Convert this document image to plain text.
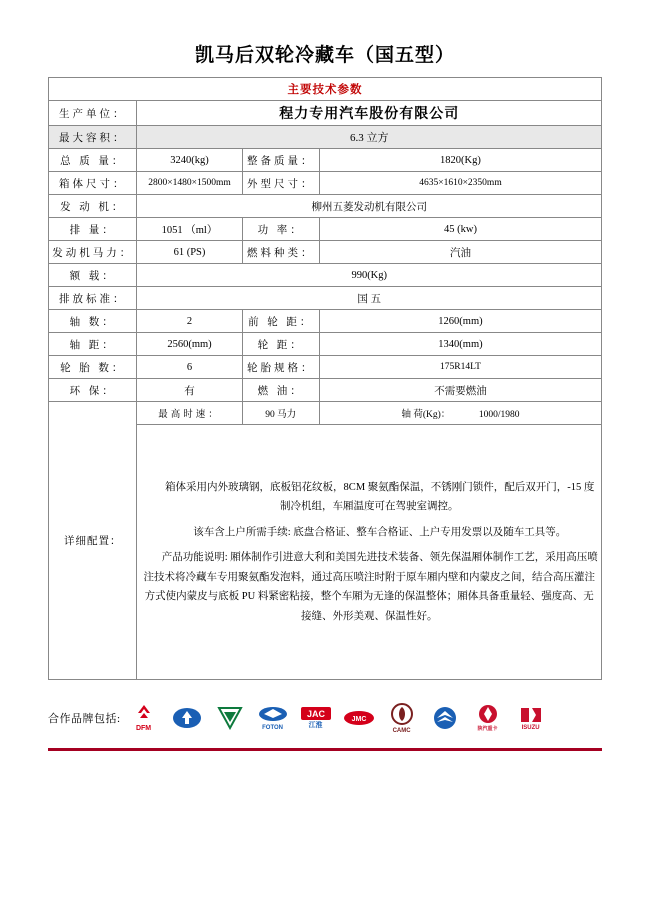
凯马后双轮冷藏车（国五型）
主要技术参数			
生产单位：	程力专用汽车股份有限公司		
最大容积：	6.3 立方		
总 质 量：	3240(kg)	整备质量：	1820(Kg)
箱体尺寸：	2800×1480×1500mm	外型尺寸：	4635×1610×2350mm
发 动 机：	柳州五菱发动机有限公司		
排 量：	1051 （ml）	功 率：	45 (kw)
发动机马力：	61 (PS)	燃料种类：	汽油
额 载：	990(Kg)		
排放标准：	国 五		
轴 数：	2	前 轮 距：	1260(mm)
轴 距：	2560(mm)	轮 距：	1340(mm)
轮 胎 数：	6	轮胎规格：	175R14LT
环 保：	有	燃 油：	不需要燃油
详细配置：	最高时速：	90 马力	轴 荷(Kg)： 1000/1980

	箱体采用内外玻璃钢，底板铝花纹板，8CM 聚氨酯保温，不锈刚门锁件，配后双开门，-15 度制冷机组，车厢温度可在驾驶室调控。

该车含上户所需手续: 底盘合格证、整车合格证、上户专用发票以及随车工具等。

产品功能说明: 厢体制作引进意大利和美国先进技术装备、领先保温厢体制作工艺，采用高压喷注技术将冷藏车专用聚氨酯发泡料，通过高压喷注时附于原车厢内壁和内蒙皮之间，结合高压灌注方式使内蒙皮与底板 PU 料紧密粘接，整个车厢为无逢的保温整体；厢体具备重量轻、强度高、无接缝、外形美观、保温性好。		

合作品牌包括:
DFM	FOTON
JAC
江淮
JMC
CAMC	陕汽重卡	ISUZU
